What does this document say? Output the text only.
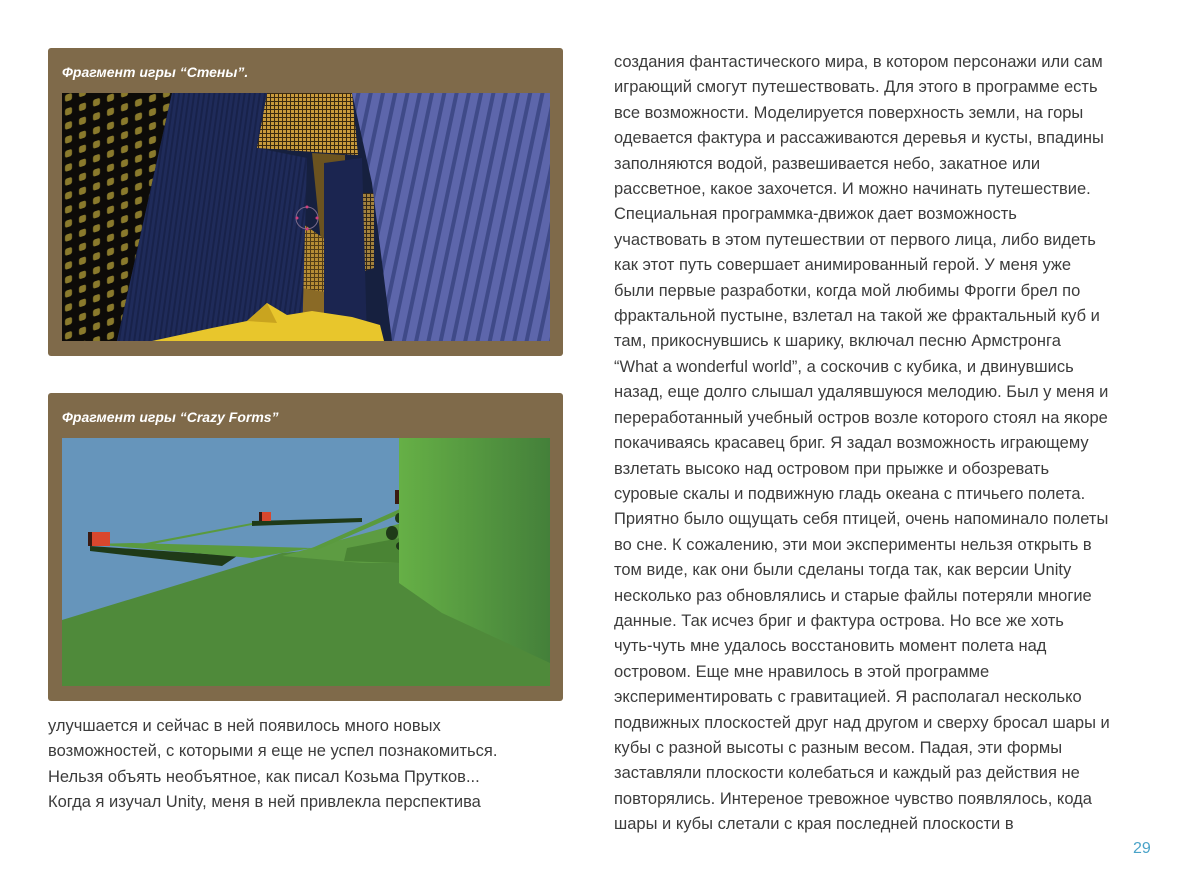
Фрагмент игры “Стены”.
Фрагмент игры “Crazy Forms”
улучшается и сейчас в ней появилось много новых
возможностей, с которыми я еще не успел познакомиться.
Нельзя объять необъятное, как писал Козьма Прутков...
Когда я изучал Unity, меня в ней привлекла перспектива
создания фантастического мира, в котором персонажи или сам
играющий смогут путешествовать. Для этого в программе есть
все возможности. Моделируется поверхность земли, на горы
одевается фактура и рассаживаются деревья и кусты, впадины
заполняются водой, развешивается небо, закатное или
рассветное, какое захочется. И можно начинать путешествие.
Специальная программка-движок дает возможность
участвовать в этом путешествии от первого лица, либо видеть
как этот путь совершает анимированный герой. У меня уже
были первые разработки, когда мой любимы Фрогги брел по
фрактальной пустыне, взлетал на такой же фрактальный куб и
там, прикоснувшись к шарику, включал песню Армстронга
“What a wonderful world”, а соскочив с кубика, и двинувшись
назад, еще долго слышал удалявшуюся мелодию. Был у меня и
переработанный учебный остров возле которого стоял на якоре
покачиваясь красавец бриг. Я задал возможность играющему
взлетать высоко над островом при прыжке и обозревать
суровые скалы и подвижную гладь океана с птичьего полета.
Приятно было ощущать себя птицей, очень напоминало полеты
во сне. К сожалению, эти мои эксперименты нельзя открыть в
том виде, как они были сделаны тогда так, как версии Unity
несколько раз обновлялись и старые файлы потеряли многие
данные. Так исчез бриг и фактура острова. Но все же хоть
чуть-чуть мне удалось восстановить момент полета над
островом. Еще мне нравилось в этой программе
экспериментировать с гравитацией. Я располагал несколько
подвижных плоскостей друг над другом и сверху бросал шары и
кубы с разной высоты с разным весом. Падая, эти формы
заставляли плоскости колебаться и каждый раз действия не
повторялись. Интереное тревожное чувство появлялось, кода
шары и кубы слетали с края последней плоскости в
29
